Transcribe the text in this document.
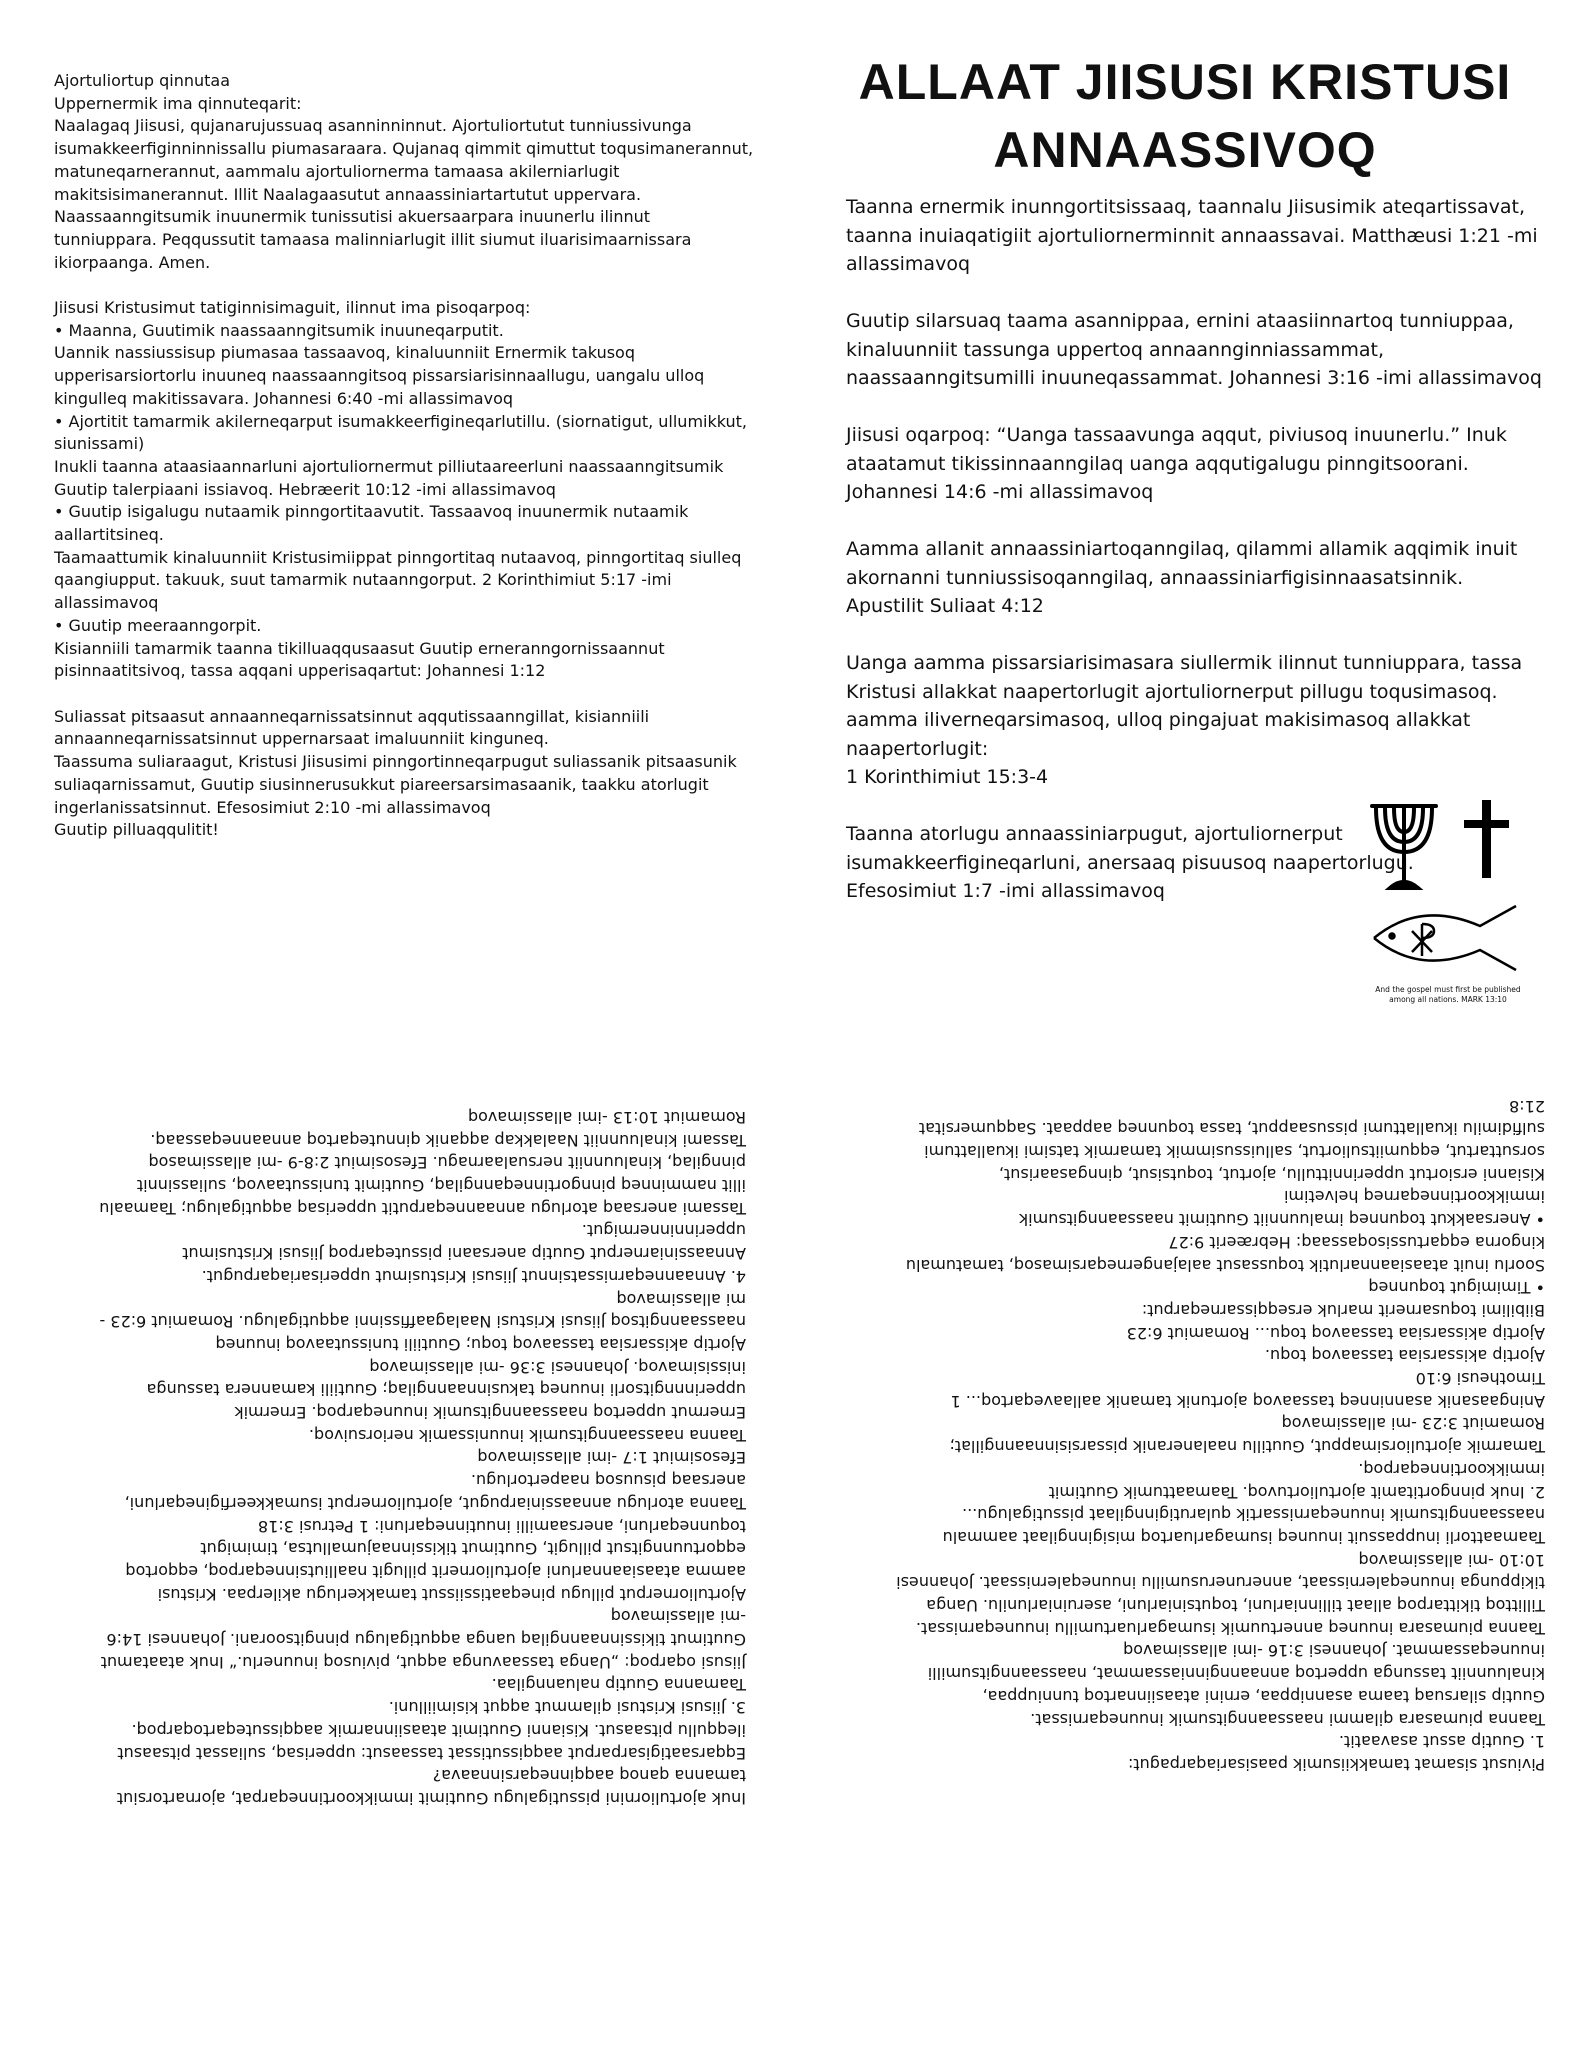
Ajortuliortup qinnutaa
Uppernermik ima qinnuteqarit:
Naalagaq Jiisusi, qujanarujussuaq asanninninnut. Ajortuliortutut tunniussivunga isumakkeerfiginninnissallu piumasaraara. Qujanaq qimmit qimuttut toqusimanerannut, matuneqarnerannut, aammalu ajortuliornerma tamaasa akilerniarlugit makitsisimanerannut. Illit Naalagaasutut annaassiniartartutut uppervara. Naassaanngitsumik inuunermik tunissutisi akuersaarpara inuunerlu ilinnut tunniuppara. Peqqussutit tamaasa malinniarlugit illit siumut iluarisimaarnissara ikiorpaanga. Amen.

Jiisusi Kristusimut tatiginnisimaguit, ilinnut ima pisoqarpoq:
• Maanna, Guutimik naassaanngitsumik inuuneqarputit.
Uannik nassiussisup piumasaa tassaavoq, kinaluunniit Ernermik takusoq upperisarsiortorlu inuuneq naassaanngitsoq pissarsiarisinnaallugu, uangalu ulloq kingulleq makitissavara. Johannesi 6:40 -mi allassimavoq
• Ajortitit tamarmik akilerneqarput isumakkeerfigineqarlutillu. (siornatigut, ullumikkut, siunissami)
Inukli taanna ataasiaannarluni ajortuliornermut pilliutaareerluni naassaanngitsumik Guutip talerpiaani issiavoq. Hebræerit 10:12 -imi allassimavoq
• Guutip isigalugu nutaamik pinngortitaavutit. Tassaavoq inuunermik nutaamik aallartitsineq.
Taamaattumik kinaluunniit Kristusimiippat pinngortitaq nutaavoq, pinngortitaq siulleq qaangiupput. takuuk, suut tamarmik nutaanngorput. 2 Korinthimiut 5:17 -imi allassimavoq
• Guutip meeraanngorpit.
Kisianniili tamarmik taanna tikilluaqqusaasut Guutip erneranngornissaannut pisinnaatitsivoq, tassa aqqani upperisaqartut: Johannesi 1:12

Suliassat pitsaasut annaanneqarnissatsinnut aqqutissaanngillat, kisianniili annaanneqarnissatsinnut uppernarsaat imaluunniit kinguneq.
Taassuma suliaraagut, Kristusi Jiisusimi pinngortinneqarpugut suliassanik pitsaasunik suliaqarnissamut, Guutip siusinnerusukkut piareersarsimasaanik, taakku atorlugit ingerlanissatsinnut. Efesosimiut 2:10 -mi allassimavoq
Guutip pilluaqqulitit!
ALLAAT JIISUSI KRISTUSI
ANNAASSIVOQ
Taanna ernermik inunngortitsissaaq, taannalu Jiisusimik ateqartissavat, taanna inuiaqatigiit ajortuliornerminnit annaassavai. Matthæusi 1:21 -mi allassimavoq

Guutip silarsuaq taama asannippaa, ernini ataasiinnartoq tunniuppaa, kinaluunniit tassunga uppertoq annaannginniassammat, naassaanngitsumilli inuuneqassammat. Johannesi 3:16 -imi allassimavoq

Jiisusi oqarpoq: “Uanga tassaavunga aqqut, piviusoq inuunerlu.” Inuk ataatamut tikissinnaanngilaq uanga aqqutigalugu pinngitsoorani. Johannesi 14:6 -mi allassimavoq

Aamma allanit annaassiniartoqanngilaq, qilammi allamik aqqimik inuit akornanni tunniussisoqanngilaq, annaassiniarfigisinnaasatsinnik. Apustilit Suliaat 4:12

Uanga aamma pissarsiarisimasara siullermik ilinnut tunniuppara, tassa Kristusi allakkat naapertorlugit ajortuliornerput pillugu toqusimasoq. aamma iliverneqarsimasoq, ulloq pingajuat makisimasoq allakkat naapertorlugit:
1 Korinthimiut 15:3-4

Taanna atorlugu annaassiniarpugut, ajortuliornerput isumakkeerfigineqarluni, anersaaq pisuusoq naapertorlugu.
Efesosimiut 1:7 -imi allassimavoq
And the gospel must first be published
among all nations. MARK 13:10
Inuk ajortuliornini pissutigalugu Guutimit immikkoortinneqarpat, ajornartorsiut tamanna qanoq aaqqinneqarsinnaava?
Eqqarsaatigisarparput aaqqissutissat tassaasut: upperisaq, suliassat pitsaasut ileqqullu pitsaasut. Kisianni Guutimit ataasiinnarmik aaqqissuteqartoqarpoq.
3. Jiisusi Kristusi qilammut aqqut kisimiilluni.
Taamanna Guutip naluanngilaa.
Jiisusi oqarpoq: „Uanga tassaavunga aqqut, piviusoq inuunerlu.“ Inuk ataatamut Guutimut tikissinnaanngilaq uanga aqqutigalugu pinngitsoorani. Johannesi 14:6 -mi allassimavoq
Ajortuliornerput pillugu pineqaatissiissut tamakkerlugu akilerpaa. Kristusi aamma ataasiaannarluni ajortuliornerit pillugit naalliutsinneqarpoq, eqqortoq eqqortuunngitsut pillugit, Guutimut tikissinnaajumallutsa, timimigut toqunneqarluni, anersaamilli inuutinneqarluni: 1 Petrusi 3:18
Taanna atorlugu annaassiniarpugut, ajortuliornerput isumakkeerfigineqarluni, anersaaq pisuusoq naapertorlugu.
Efesosimiut 1:7 -imi allassimavoq
Taanna naassaanngitsumik inuunissamik neriorsuivoq.
Ernermut uppertoq naassaanngitsumik inuuneqarpoq. Ernermik upperinnngitsorli inuuneq takusinnaanngilaq; Guutiili kamannera tassunga inissisimavoq. Johannesi 3:36 -mi allassimavoq
Ajortip akissarsiaa tassaavoq toqu; Guutiili tunissutaavoq inuuneq naassaanngitsoq Jiisusi Kristusi Naalagaaffissinni aqqutigalugu. Romamiut 6:23 -mi allassimavoq
4. Annaanneqarnissatsinnut Jiisusi Kristusimut upperisariaqarpugut.
Annaassiniarnerput Guutip anersaani pissuteqarpoq Jiisusi Kristusimut upperinninnermigut.
Tassami anersaaq atorlugu annaanneqarputit upperisaq aqqutigalugu; Taamaalu illit namminneq pinngortinneqanngilaq, Guutimit tunissutaavoq, suliassinnit pinngilaq, kinaluunniit nersualaarnagu. Efesosimiut 2:8-9 -mi allassimasoq
Tassami kinaluunniit Naalakkap aqqanik qinnuteqartoq annaanneqassaaq. Romamiut 10:13 -imi allassimavoq
Piviusut sisamat tamakkiisumik paasisariaqarpagut:
1. Guutip assut asavaatit.
Taanna piumasarа qilammi naassaanngitsumik inuuneqarnissat.
Guutip silarsuaq taama asannippaa, ernini ataasiinnartoq tunniuppaa, kinaluunniit tassunga uppertoq annaannginniassammat, naassaanngitsumilli inuuneqassammat. Johannesi 3:16 -imi allassimavoq
Taanna piumasarа inuuneq annertuumik isumagarluartumillu inuuneqarnissat.
Tillittoq tikittarpoq allaat tillinniarluni, toqutsiniarluni, aseruiniarlunilu. Uanga tikippunga inuuneqalernissaat, annerunerusumillu inuuneqalernissaat. Johannesi 10:10 -mi allassimavoq
Taamaattorli inuppassuit inuuneq isumagarluartoq misiginngilaat aammalu naassaanngitsumik inuuneqarnissartik qularutiginngilaat pissutigalugu...
2. Inuk pinngortitamit ajortuliortuvoq. Taamaattumik Guutimit immikkoortinneqarpoq.
Tamarmik ajortuliorsimapput, Guutillu naalaneranik pissarsisinnaanngillat; Romamiut 3:23 -mi allassimavoq
Aningaasanik asanninneq tassaavoq ajortunik tamanik aallaaveqartoq... 1 Timotheusi 6:10
Ajortip akissarsiaa tassaavoq toqu.
Ajortip akissarsiaa tassaavoq toqu... Romamiut 6:23
Biibilimi toqusarnerit marluk erseqqissarneqarput:
• Timimigut toqunneq
Soorlu inuit ataasiaannarlutik toqussasut aalajangerneqarsimasoq, tamatumalu kingorna eqqartussisoqassaaq: Hebræerit 9:27
• Anersaakkut toqunneq imaluunniit Guutimit naassaanngitsumik immikkoortinneqarneq helvetimi
Kisianni ersiortut upperinnittullu, ajortut, toqutsisut, qinngasaarisut, sorsuttartut, eqqumiitsuliortut, salluissusimmik tamarmik tatsimi ikuallattumi sulfidimilu ikuallattumi pissusaapput, tassa toqunneq aappaat. Saqqumersitat 21:8
